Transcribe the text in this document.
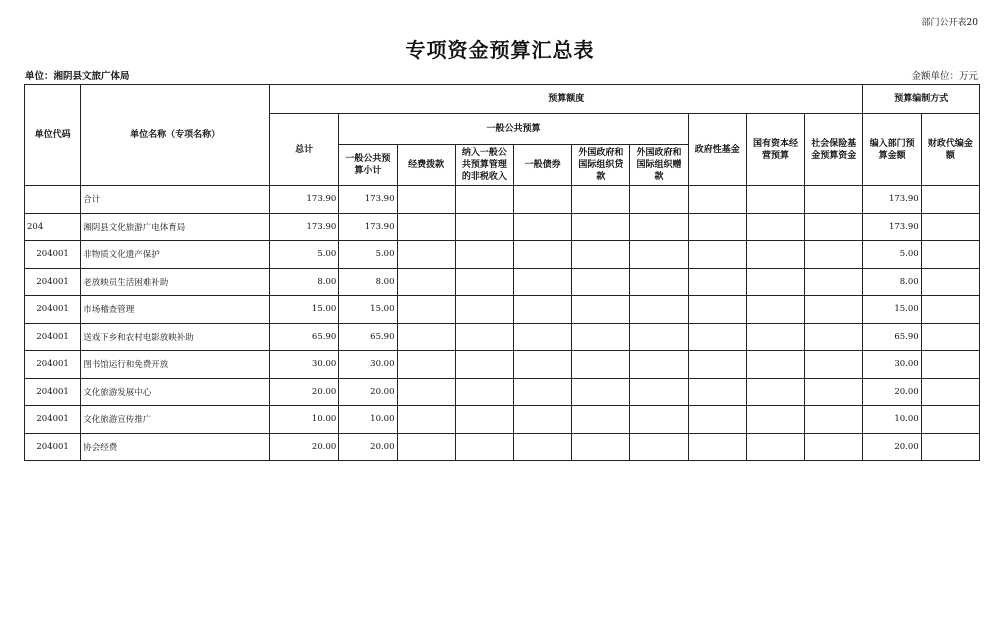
部门公开表20
专项资金预算汇总表
单位：湘阴县文旅广体局	金额单位：万元
单位代码	单位名称（专项名称）	预算额度										预算编制方式	
		总计	一般公共预算						政府性基金	国有资本经营预算	社会保险基金预算资金	编入部门预算金额	财政代编金额
			一般公共预算小计	经费拨款	纳入一般公共预算管理的非税收入	一般债券	外国政府和国际组织贷款	外国政府和国际组织赠款					
	合计	173.90	173.90									173.90	
204	湘阴县文化旅游广电体育局	173.90	173.90									173.90	
204001	非物质文化遗产保护	5.00	5.00									5.00	
204001	老放映员生活困难补助	8.00	8.00									8.00	
204001	市场稽查管理	15.00	15.00									15.00	
204001	送戏下乡和农村电影放映补助	65.90	65.90									65.90	
204001	图书馆运行和免费开放	30.00	30.00									30.00	
204001	文化旅游发展中心	20.00	20.00									20.00	
204001	文化旅游宣传推广	10.00	10.00									10.00	
204001	协会经费	20.00	20.00									20.00	
